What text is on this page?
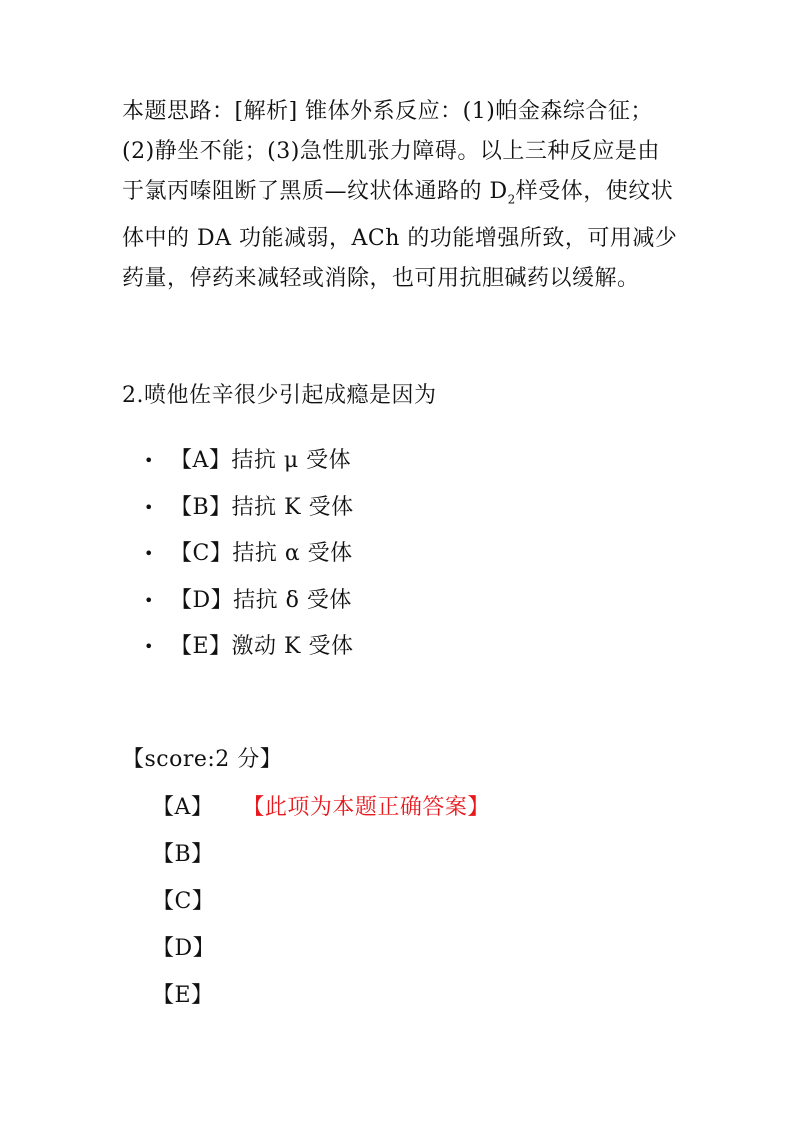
本题思路：[解析] 锥体外系反应：(1)帕金森综合征；(2)静坐不能；(3)急性肌张力障碍。以上三种反应是由于氯丙嗪阻断了黑质—纹状体通路的 $D_2$样受体，使纹状体中的 DA 功能减弱，ACh 的功能增强所致，可用减少药量，停药来减轻或消除，也可用抗胆碱药以缓解。

2.喷他佐辛很少引起成瘾是因为
• 【A】拮抗 μ 受体
• 【B】拮抗 K 受体
• 【C】拮抗 α 受体
• 【D】拮抗 δ 受体
• 【E】激动 K 受体
【score:2 分】
【A】 【此项为本题正确答案】
【B】
【C】
【D】
【E】
